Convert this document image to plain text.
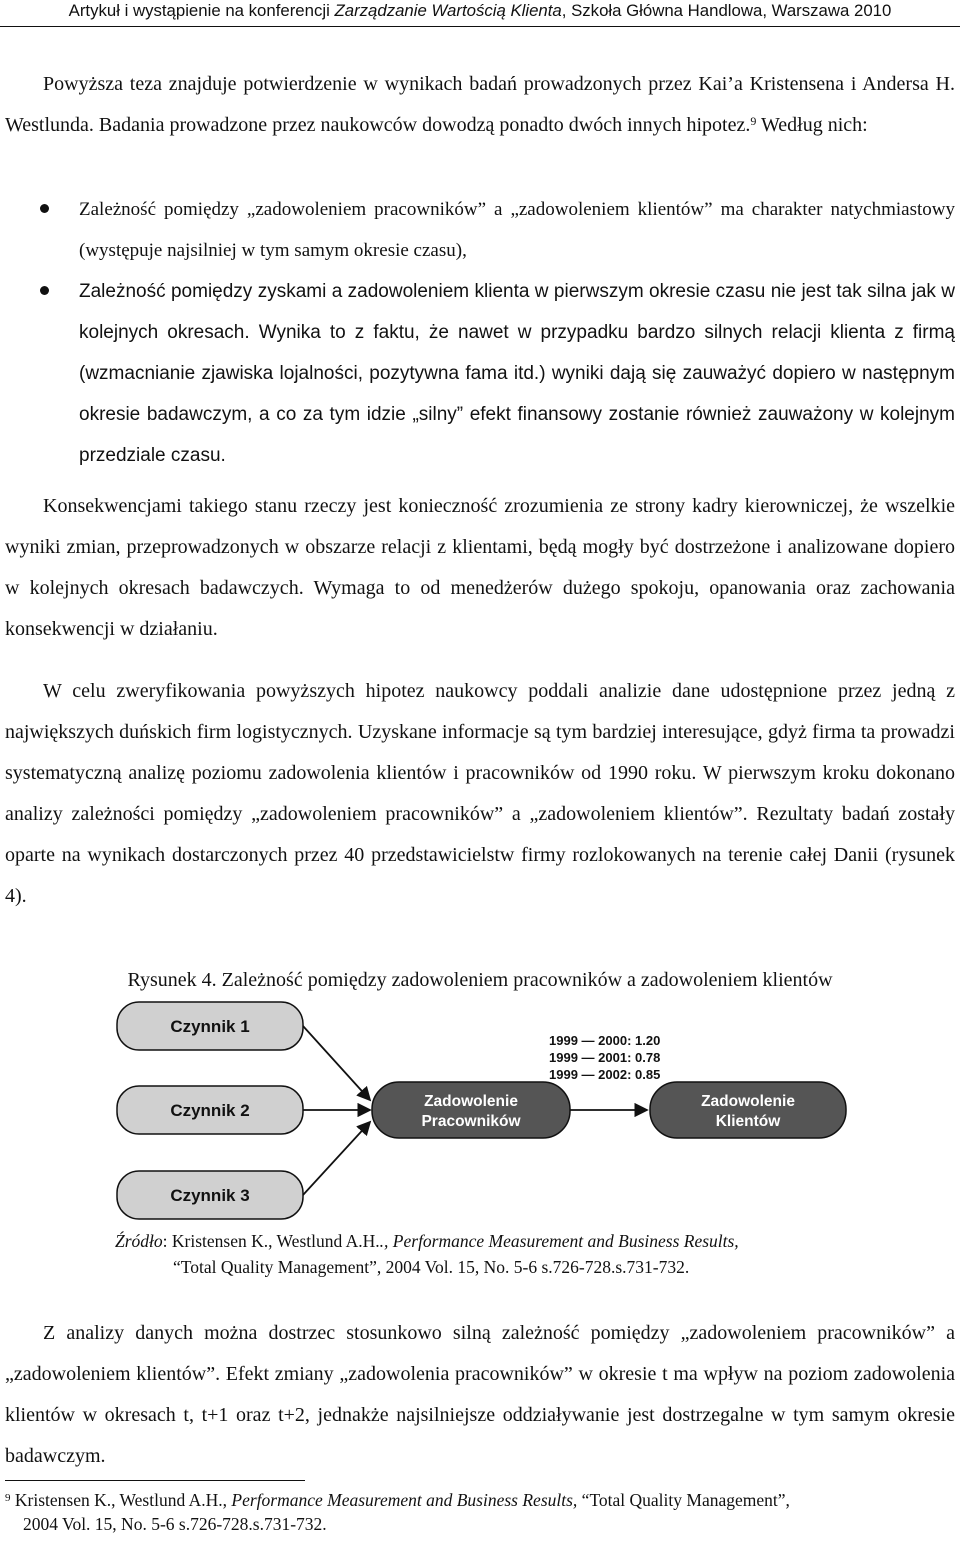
Artykuł i wystąpienie na konferencji Zarządzanie Wartością Klienta, Szkoła Główna Handlowa, Warszawa 2010

Powyższa teza znajduje potwierdzenie w wynikach badań prowadzonych przez Kai’a Kristensena i Andersa H. Westlunda. Badania prowadzone przez naukowców dowodzą ponadto dwóch innych hipotez.$^9$ Według nich:

Zależność pomiędzy „zadowoleniem pracowników” a „zadowoleniem klientów” ma charakter natychmiastowy (występuje najsilniej w tym samym okresie czasu),
Zależność pomiędzy zyskami a zadowoleniem klienta w pierwszym okresie czasu nie jest tak silna jak w kolejnych okresach. Wynika to z faktu, że nawet w przypadku bardzo silnych relacji klienta z firmą (wzmacnianie zjawiska lojalności, pozytywna fama itd.) wyniki dają się zauważyć dopiero w następnym okresie badawczym, a co za tym idzie „silny” efekt finansowy zostanie również zauważony w kolejnym przedziale czasu.

Konsekwencjami takiego stanu rzeczy jest konieczność zrozumienia ze strony kadry kierowniczej, że wszelkie wyniki zmian, przeprowadzonych w obszarze relacji z klientami, będą mogły być dostrzeżone i analizowane dopiero w kolejnych okresach badawczych. Wymaga to od menedżerów dużego spokoju, opanowania oraz zachowania konsekwencji w działaniu.

W celu zweryfikowania powyższych hipotez naukowcy poddali analizie dane udostępnione przez jedną z największych duńskich firm logistycznych. Uzyskane informacje są tym bardziej interesujące, gdyż firma ta prowadzi systematyczną analizę poziomu zadowolenia klientów i pracowników od 1990 roku. W pierwszym kroku dokonano analizy zależności pomiędzy „zadowoleniem pracowników” a „zadowoleniem klientów”. Rezultaty badań zostały oparte na wynikach dostarczonych przez 40 przedstawicielstw firmy rozlokowanych na terenie całej Danii (rysunek 4).

Rysunek 4. Zależność pomiędzy zadowoleniem pracowników a zadowoleniem klientów
Czynnik 1
Czynnik 2
Czynnik 3
Zadowolenie
Pracowników
Zadowolenie
Klientów
1999 — 2000: 1.20
1999 — 2001: 0.78
1999 — 2002: 0.85
Źródło: Kristensen K., Westlund A.H.., Performance Measurement and Business Results,
“Total Quality Management”, 2004 Vol. 15, No. 5-6 s.726-728.s.731-732.

Z analizy danych można dostrzec stosunkowo silną zależność pomiędzy „zadowoleniem pracowników” a „zadowoleniem klientów”. Efekt zmiany „zadowolenia pracowników” w okresie t ma wpływ na poziom zadowolenia klientów w okresach t, t+1 oraz t+2, jednakże najsilniejsze oddziaływanie jest dostrzegalne w tym samym okresie badawczym.

$^9$ Kristensen K., Westlund A.H., Performance Measurement and Business Results, “Total Quality Management”,
2004 Vol. 15, No. 5-6 s.726-728.s.731-732.
